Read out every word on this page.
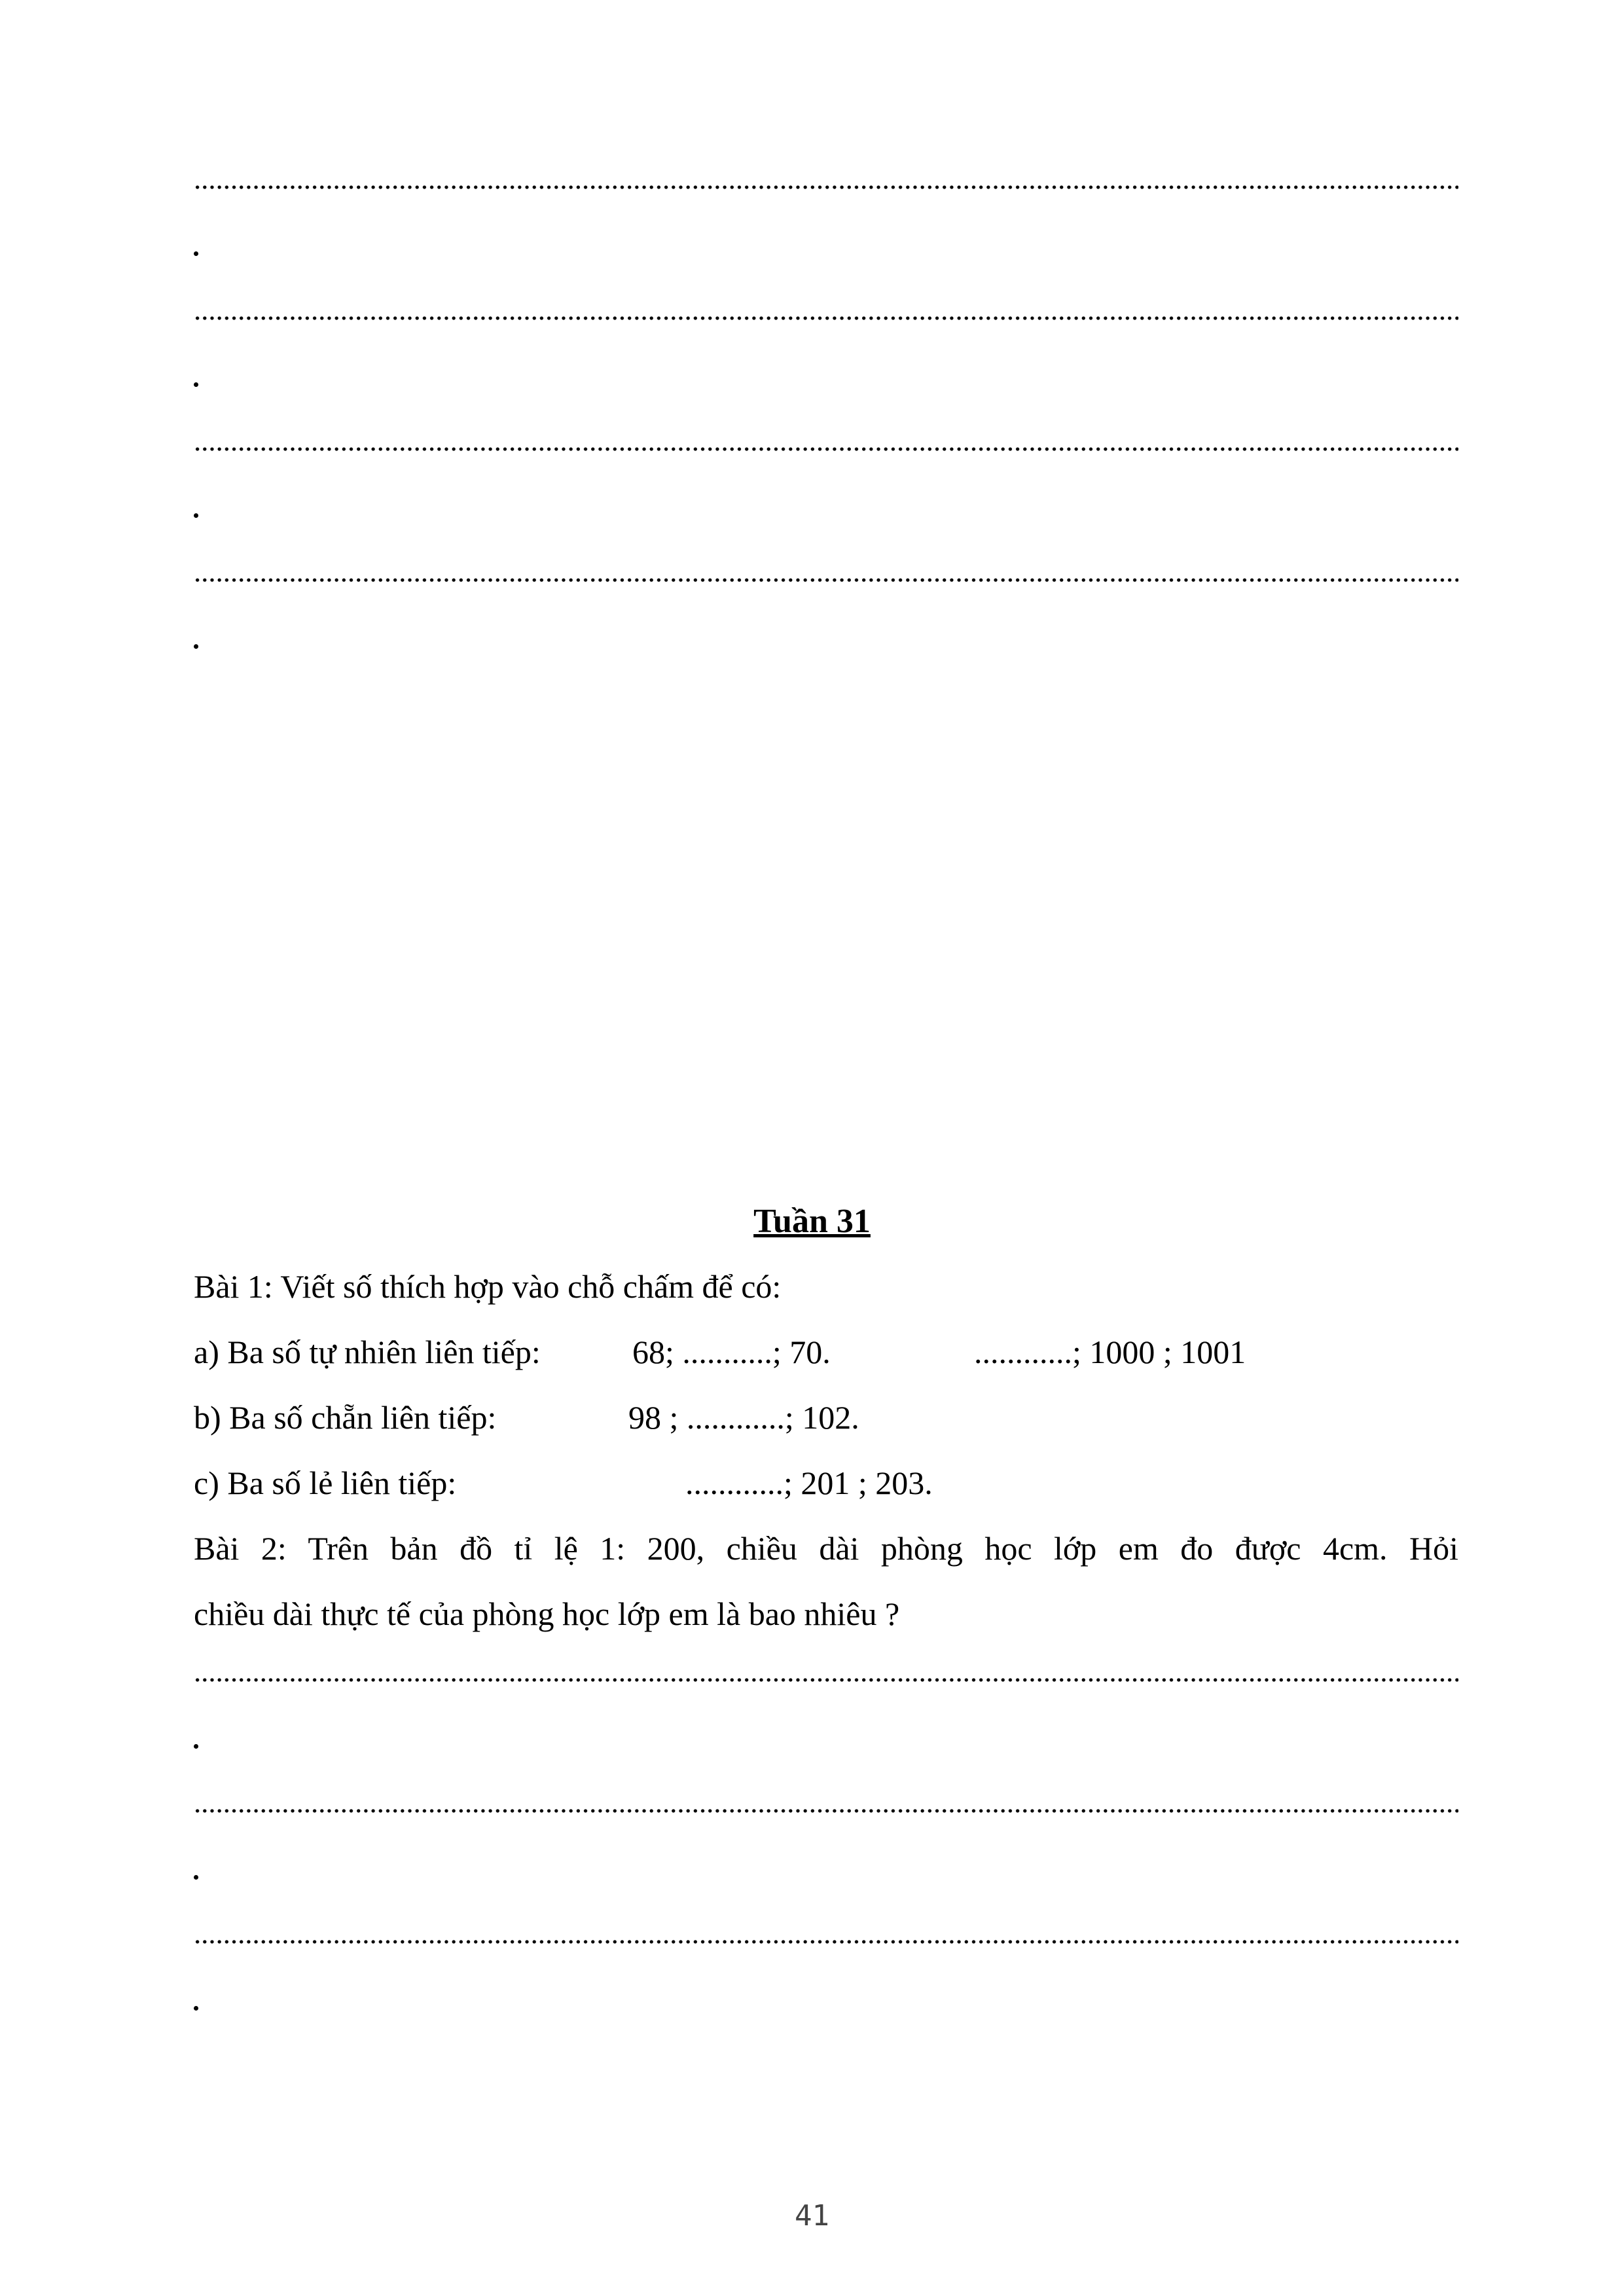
Tuần 31
Bài 1: Viết số thích hợp vào chỗ chấm để có:
a) Ba số tự nhiên liên tiếp:	68; ...........; 70.	............; 1000 ; 1001
b) Ba số chẵn liên tiếp:	98 ; ............; 102.
c) Ba số lẻ liên tiếp:	............; 201 ; 203.
Bài 2: Trên bản đồ tỉ lệ 1: 200, chiều dài phòng học lớp em đo được 4cm. Hỏi
chiều dài thực tế của phòng học lớp em là bao nhiêu ?
41
